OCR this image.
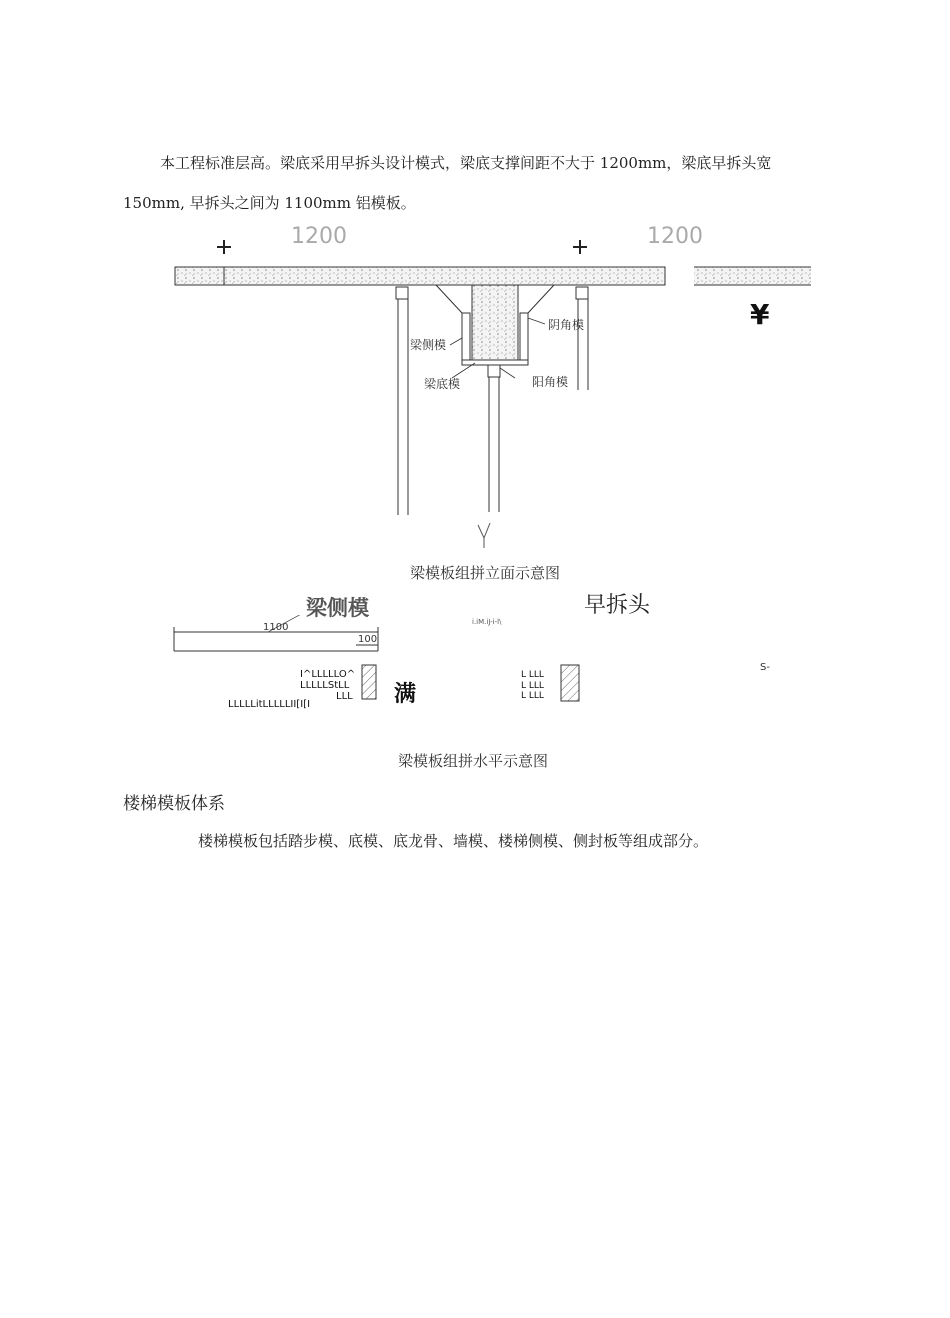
本工程标准层高。梁底采用早拆头设计模式，梁底支撑间距不大于 1200mm，梁底早拆头宽
150mm, 早拆头之间为 1100mm 铝模板。
1200	1200
阴角模
梁侧模
梁底模	阳角模
¥
梁模板组拼立面示意图
梁侧模	早拆头
1100
100
i.iM.iJ-i-l\
I^LLLLLO^
LLLLLStLL
LLL
LLLLLitLLLLLII[I[I	满
L LLL
L LLL
L LLL
S-
梁模板组拼水平示意图
楼梯模板体系
楼梯模板包括踏步模、底模、底龙骨、墙模、楼梯侧模、侧封板等组成部分。
